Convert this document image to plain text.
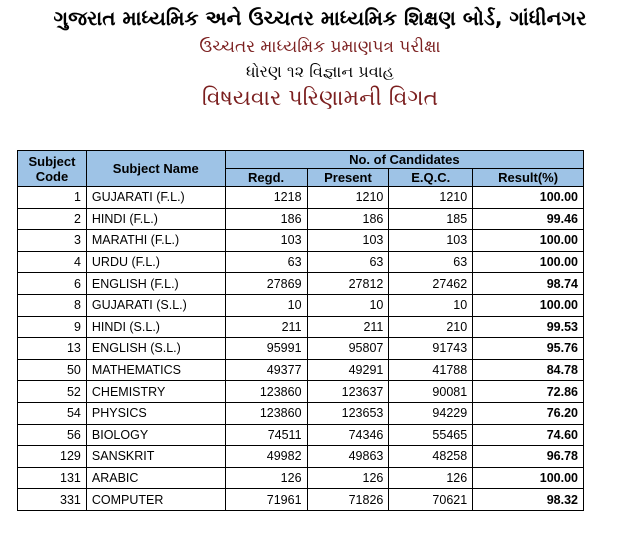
ગુજરાત માધ્યમિક અને ઉચ્ચતર માધ્યમિક શિક્ષણ બોર્ડ, ગાંધીનગર
ઉચ્ચતર માધ્યમિક પ્રમાણપત્ર પરીક્ષા
ધોરણ ૧૨ વિજ્ઞાન પ્રવાહ
વિષયવાર પરિણામની વિગત
Subject Code	Subject Name	No. of Candidates			
		Regd.	Present	E.Q.C.	Result(%)
1	GUJARATI (F.L.)	1218	1210	1210	100.00
2	HINDI (F.L.)	186	186	185	99.46
3	MARATHI (F.L.)	103	103	103	100.00
4	URDU (F.L.)	63	63	63	100.00
6	ENGLISH (F.L.)	27869	27812	27462	98.74
8	GUJARATI (S.L.)	10	10	10	100.00
9	HINDI (S.L.)	211	211	210	99.53
13	ENGLISH (S.L.)	95991	95807	91743	95.76
50	MATHEMATICS	49377	49291	41788	84.78
52	CHEMISTRY	123860	123637	90081	72.86
54	PHYSICS	123860	123653	94229	76.20
56	BIOLOGY	74511	74346	55465	74.60
129	SANSKRIT	49982	49863	48258	96.78
131	ARABIC	126	126	126	100.00
331	COMPUTER	71961	71826	70621	98.32
